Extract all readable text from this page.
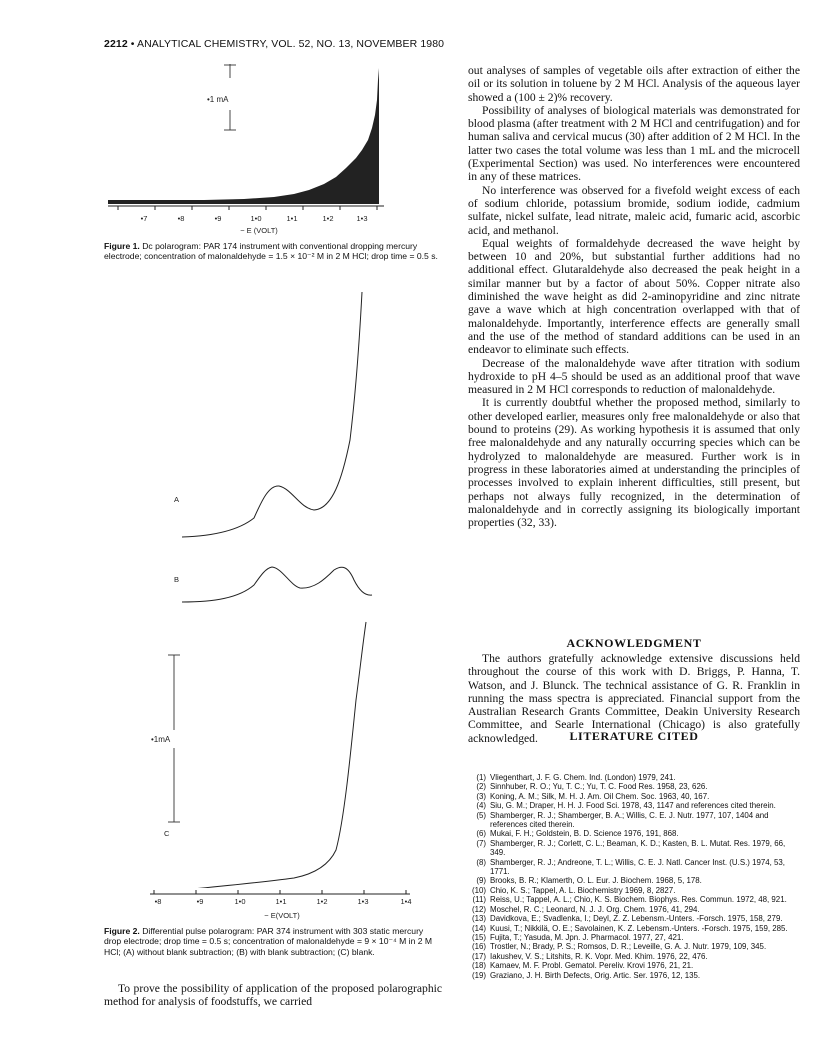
2212 • ANALYTICAL CHEMISTRY, VOL. 52, NO. 13, NOVEMBER 1980
•1 mA
•7	•8	•9	1•0	1•1	1•2	1•3
− E (VOLT)
Figure 1. Dc polarogram: PAR 174 instrument with conventional dropping mercury electrode; concentration of malonaldehyde = 1.5 × 10⁻² M in 2 M HCl; drop time = 0.5 s.
A
B
C
•1mA
•8	•9	1•0	1•1	1•2	1•3	1•4
− E(VOLT)
Figure 2. Differential pulse polarogram: PAR 374 instrument with 303 static mercury drop electrode; drop time = 0.5 s; concentration of malonaldehyde = 9 × 10⁻⁴ M in 2 M HCl; (A) without blank subtraction; (B) with blank subtraction; (C) blank.

To prove the possibility of application of the proposed polarographic method for analysis of foodstuffs, we carried

out analyses of samples of vegetable oils after extraction of either the oil or its solution in toluene by 2 M HCl. Analysis of the aqueous layer showed a (100 ± 2)% recovery.

Possibility of analyses of biological materials was demonstrated for blood plasma (after treatment with 2 M HCl and centrifugation) and for human saliva and cervical mucus (30) after addition of 2 M HCl. In the latter two cases the total volume was less than 1 mL and the microcell (Experimental Section) was used. No interferences were encountered in any of these matrices.

No interference was observed for a fivefold weight excess of each of sodium chloride, potassium bromide, sodium iodide, cadmium sulfate, nickel sulfate, lead nitrate, maleic acid, fumaric acid, ascorbic acid, and methanol.

Equal weights of formaldehyde decreased the wave height by between 10 and 20%, but substantial further additions had no additional effect. Glutaraldehyde also decreased the peak height in a similar manner but by a factor of about 50%. Copper nitrate also diminished the wave height as did 2-aminopyridine and zinc nitrate gave a wave which at high concentration overlapped with that of malonaldehyde. Importantly, interference effects are generally small and the use of the method of standard additions can be used in an endeavor to eliminate such effects.

Decrease of the malonaldehyde wave after titration with sodium hydroxide to pH 4–5 should be used as an additional proof that wave measured in 2 M HCl corresponds to reduction of malonaldehyde.

It is currently doubtful whether the proposed method, similarly to other developed earlier, measures only free malonaldehyde or also that bound to proteins (29). As working hypothesis it is assumed that only free malonaldehyde and any naturally occurring species which can be hydrolyzed to malonaldehyde are measured. Further work is in progress in these laboratories aimed at understanding the principles of processes involved to explain inherent difficulties, still present, but perhaps not always fully recognized, in the determination of malonaldehyde and in correctly assigning its biologically important properties (32, 33).

ACKNOWLEDGMENT

The authors gratefully acknowledge extensive discussions held throughout the course of this work with D. Briggs, P. Hanna, T. Watson, and J. Blunck. The technical assistance of G. R. Franklin in running the mass spectra is appreciated. Financial support from the Australian Research Grants Committee, Deakin University Research Committee, and Searle International (Chicago) is also gratefully acknowledged.	LITERATURE CITED
(1) Vliegenthart, J. F. G. Chem. Ind. (London) 1979, 241.
(2) Sinnhuber, R. O.; Yu, T. C.; Yu, T. C. Food Res. 1958, 23, 626.
(3) Koning, A. M.; Silk, M. H. J. Am. Oil Chem. Soc. 1963, 40, 167.
(4) Siu, G. M.; Draper, H. H. J. Food Sci. 1978, 43, 1147 and references cited therein.
(5) Shamberger, R. J.; Shamberger, B. A.; Willis, C. E. J. Nutr. 1977, 107, 1404 and references cited therein.
(6) Mukai, F. H.; Goldstein, B. D. Science 1976, 191, 868.
(7) Shamberger, R. J.; Corlett, C. L.; Beaman, K. D.; Kasten, B. L. Mutat. Res. 1979, 66, 349.
(8) Shamberger, R. J.; Andreone, T. L.; Willis, C. E. J. Natl. Cancer Inst. (U.S.) 1974, 53, 1771.
(9) Brooks, B. R.; Klamerth, O. L. Eur. J. Biochem. 1968, 5, 178.
(10) Chio, K. S.; Tappel, A. L. Biochemistry 1969, 8, 2827.
(11) Reiss, U.; Tappel, A. L.; Chio, K. S. Biochem. Biophys. Res. Commun. 1972, 48, 921.
(12) Moschel, R. C.; Leonard, N. J. J. Org. Chem. 1976, 41, 294.
(13) Davidkova, E.; Svadlenka, I.; Deyl, Z. Z. Lebensm.-Unters. -Forsch. 1975, 158, 279.
(14) Kuusi, T.; Nikkilä, O. E.; Savolainen, K. Z. Lebensm.-Unters. -Forsch. 1975, 159, 285.
(15) Fujita, T.; Yasuda, M. Jpn. J. Pharmacol. 1977, 27, 421.
(16) Trostler, N.; Brady, P. S.; Romsos, D. R.; Leveille, G. A. J. Nutr. 1979, 109, 345.
(17) Iakushev, V. S.; Litshits, R. K. Vopr. Med. Khim. 1976, 22, 476.
(18) Kamaev, M. F. Probl. Gematol. Pereliv. Krovi 1976, 21, 21.
(19) Graziano, J. H. Birth Defects, Orig. Artic. Ser. 1976, 12, 135.
